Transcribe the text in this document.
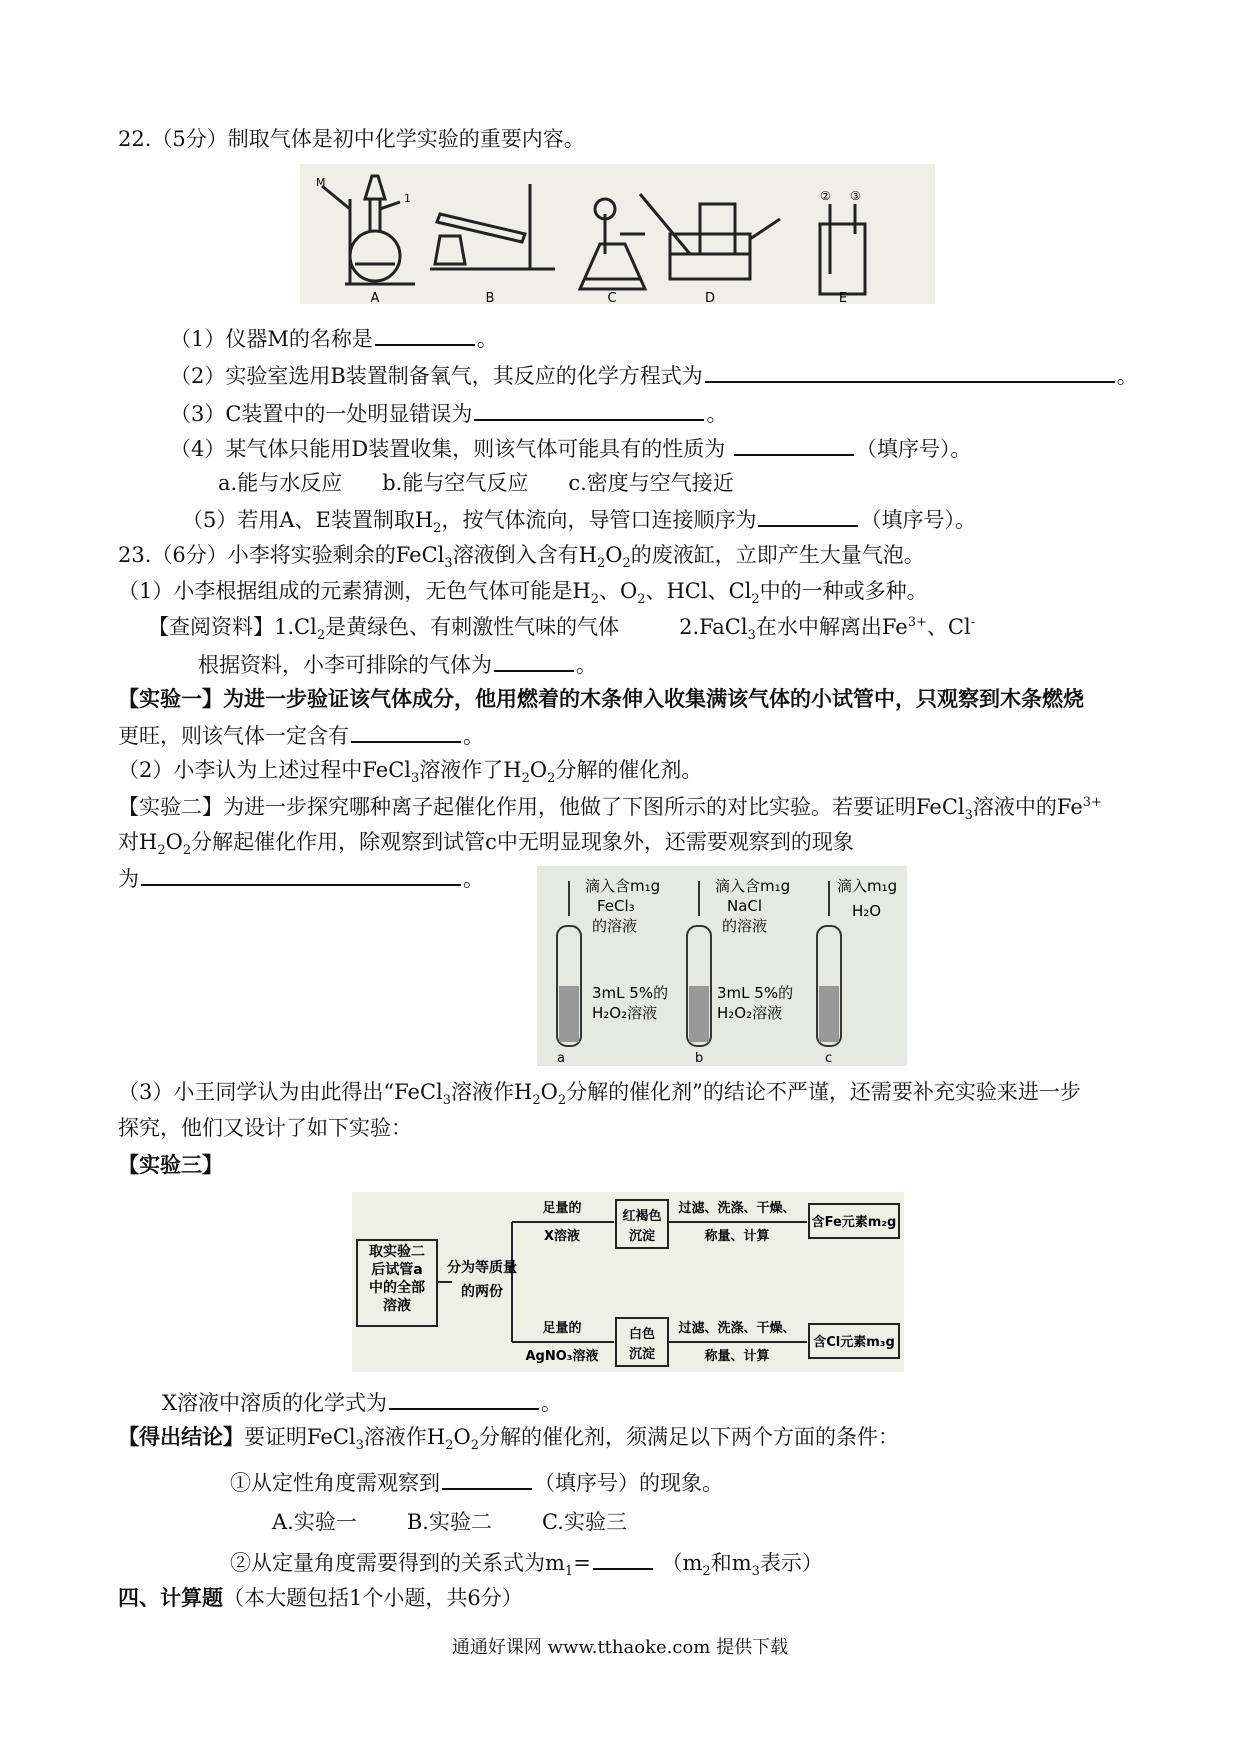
22.（5分）制取气体是初中化学实验的重要内容。
A	B	C	D	E
M
1	② ③
（1）仪器M的名称是	。
（2）实验室选用B装置制备氧气，其反应的化学方程式为	。
（3）C装置中的一处明显错误为	。
（4）某气体只能用D装置收集，则该气体可能具有的性质为	（填序号）。
a.能与水反应 b.能与空气反应 c.密度与空气接近
（5）若用A、E装置制取$H_2$，按气体流向，导管口连接顺序为	（填序号）。
23.（6分）小李将实验剩余的FeCl$_3$溶液倒入含有$H_2O_2$的废液缸，立即产生大量气泡。
（1）小李根据组成的元素猜测，无色气体可能是$H_2$、$O_2$、HCl、$Cl_2$中的一种或多种。
【查阅资料】$1.Cl_2$是黄绿色、有刺激性气味的气体	2.FaCl$_3$在水中解离出$Fe^{3+}$、Cl-
根据资料，小李可排除的气体为	。
【实验一】为进一步验证该气体成分，他用燃着的木条伸入收集满该气体的小试管中，只观察到木条燃烧
更旺，则该气体一定含有	。
（2）小李认为上述过程中FeCl$_3$溶液作了$H_2O_2$分解的催化剂。
【实验二】为进一步探究哪种离子起催化作用，他做了下图所示的对比实验。若要证明FeCl$_3$溶液中的$Fe^{3+}$
对$H_2O_2$分解起催化作用，除观察到试管c中无明显现象外，还需要观察到的现象
为	。	滴入含m₁g
FeCl₃
的溶液
3mL 5%的
H₂O₂溶液
a
滴入含m₁g
NaCl
的溶液
3mL 5%的
H₂O₂溶液
b
滴入m₁g
H₂O
c
（3）小王同学认为由此得出“FeCl$_3$溶液作$H_2O_2$分解的催化剂”的结论不严谨，还需要补充实验来进一步
探究，他们又设计了如下实验：
【实验三】
取实验二
后试管a
中的全部
溶液
分为等质量
的两份
足量的
X溶液
红褐色
沉淀
过滤、洗涤、干燥、
称量、计算
含Fe元素m₂g
足量的
AgNO₃溶液
白色
沉淀
过滤、洗涤、干燥、
称量、计算
含Cl元素m₃g
X溶液中溶质的化学式为	。
【得出结论】要证明FeCl$_3$溶液作$H_2O_2$分解的催化剂，须满足以下两个方面的条件：
①从定性角度需观察到	（填序号）的现象。
A.实验一 B.实验二 C.实验三
②从定量角度需要得到的关系式为$m_1=$	（$m_2$和$m_3$表示）
四、计算题（本大题包括1个小题，共6分）
通通好课网 www.tthaoke.com 提供下载
